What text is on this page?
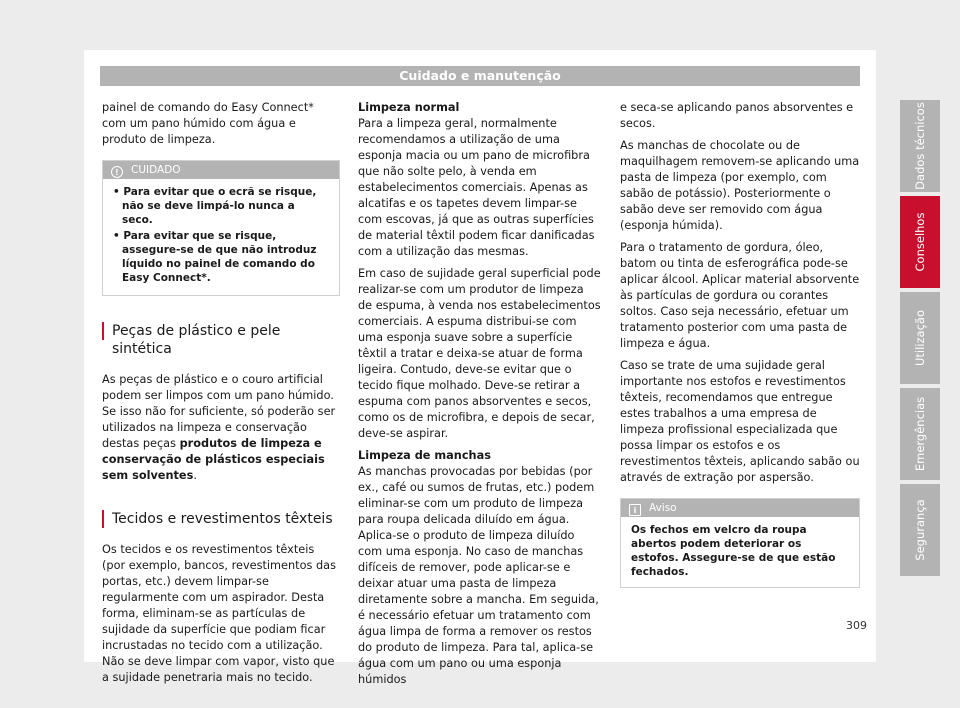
Cuidado e manutenção

painel de comando do Easy Connect* com um pano húmido com água e produto de limpeza.

! CUIDADO
• Para evitar que o ecrã se risque, não se deve limpá-lo nunca a seco.
• Para evitar que se risque, assegure-se de que não introduz líquido no painel de comando do Easy Connect*.
Peças de plástico e pele sintética

As peças de plástico e o couro artificial podem ser limpos com um pano húmido. Se isso não for suficiente, só poderão ser utilizados na limpeza e conservação destas peças produtos de limpeza e conservação de plásticos especiais sem solventes.

Tecidos e revestimentos têxteis

Os tecidos e os revestimentos têxteis (por exemplo, bancos, revestimentos das portas, etc.) devem limpar-se regularmente com um aspirador. Desta forma, eliminam-se as partículas de sujidade da superfície que podiam ficar incrustadas no tecido com a utilização. Não se deve limpar com vapor, visto que a sujidade penetraria mais no tecido.

Limpeza normal

Para a limpeza geral, normalmente recomendamos a utilização de uma esponja macia ou um pano de microfibra que não solte pelo, à venda em estabelecimentos comerciais. Apenas as alcatifas e os tapetes devem limpar-se com escovas, já que as outras superfícies de material têxtil podem ficar danificadas com a utilização das mesmas.

Em caso de sujidade geral superficial pode realizar-se com um produtor de limpeza de espuma, à venda nos estabelecimentos comerciais. A espuma distribui-se com uma esponja suave sobre a superfície têxtil a tratar e deixa-se atuar de forma ligeira. Contudo, deve-se evitar que o tecido fique molhado. Deve-se retirar a espuma com panos absorventes e secos, como os de microfibra, e depois de secar, deve-se aspirar.

Limpeza de manchas

As manchas provocadas por bebidas (por ex., café ou sumos de frutas, etc.) podem eliminar-se com um produto de limpeza para roupa delicada diluído em água. Aplica-se o produto de limpeza diluído com uma esponja. No caso de manchas difíceis de remover, pode aplicar-se e deixar atuar uma pasta de limpeza diretamente sobre a mancha. Em seguida, é necessário efetuar um tratamento com água limpa de forma a remover os restos do produto de limpeza. Para tal, aplica-se água com um pano ou uma esponja húmidos

e seca-se aplicando panos absorventes e secos.

As manchas de chocolate ou de maquilhagem removem-se aplicando uma pasta de limpeza (por exemplo, com sabão de potássio). Posteriormente o sabão deve ser removido com água (esponja húmida).

Para o tratamento de gordura, óleo, batom ou tinta de esferográfica pode-se aplicar álcool. Aplicar material absorvente às partículas de gordura ou corantes soltos. Caso seja necessário, efetuar um tratamento posterior com uma pasta de limpeza e água.

Caso se trate de uma sujidade geral importante nos estofos e revestimentos têxteis, recomendamos que entregue estes trabalhos a uma empresa de limpeza profissional especializada que possa limpar os estofos e os revestimentos têxteis, aplicando sabão ou através de extração por aspersão.

i Aviso
Os fechos em velcro da roupa abertos podem deteriorar os estofos. Assegure-se de que estão fechados.
Dados técnicos
Conselhos
Utilização
Emergências
Segurança
309
